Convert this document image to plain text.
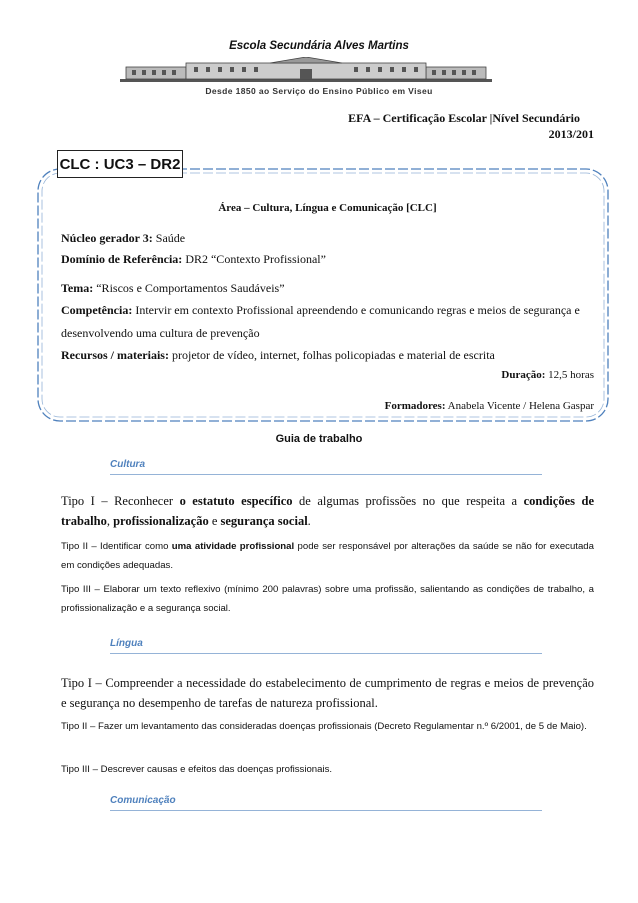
Escola Secundária Alves Martins
Desde 1850 ao Serviço do Ensino Público em Viseu
EFA – Certificação Escolar |Nível Secundário
2013/201
CLC : UC3 – DR2
Área – Cultura, Língua e Comunicação [CLC]
Núcleo gerador 3: Saúde
Domínio de Referência: DR2 “Contexto Profissional”
Tema: “Riscos e Comportamentos Saudáveis”
Competência: Intervir em contexto Profissional apreendendo e comunicando regras e meios de segurança e desenvolvendo uma cultura de prevenção
Recursos / materiais: projetor de vídeo, internet, folhas policopiadas e material de escrita
Duração: 12,5 horas
Formadores: Anabela Vicente / Helena Gaspar
Guia de trabalho
Cultura
Tipo I – Reconhecer o estatuto específico de algumas profissões no que respeita a condições de trabalho, profissionalização e segurança social.
Tipo II – Identificar como uma atividade profissional pode ser responsável por alterações da saúde se não for executada em condições adequadas.
Tipo III – Elaborar um texto reflexivo (mínimo 200 palavras) sobre uma profissão, salientando as condições de trabalho, a profissionalização e a segurança social.
Língua
Tipo I – Compreender a necessidade do estabelecimento de cumprimento de regras e meios de prevenção e segurança no desempenho de tarefas de natureza profissional.
Tipo II – Fazer um levantamento das consideradas doenças profissionais (Decreto Regulamentar n.º 6/2001, de 5 de Maio).
Tipo III – Descrever causas e efeitos das doenças profissionais.
Comunicação
